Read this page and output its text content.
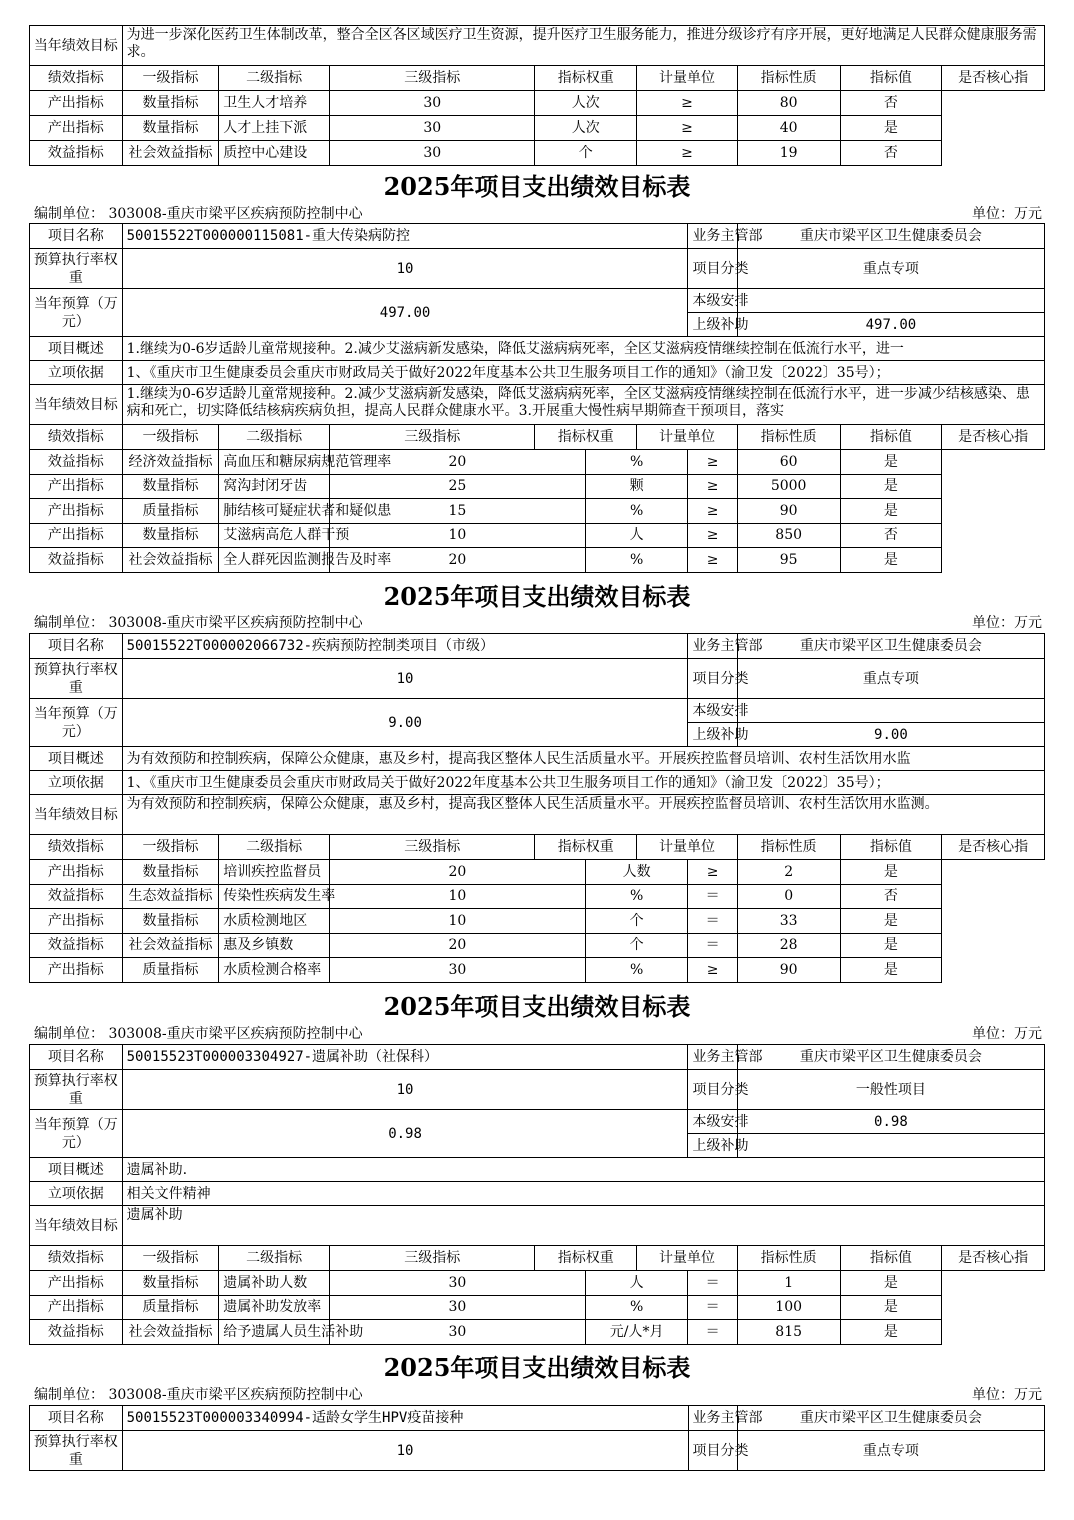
当年绩效目标	为进一步深化医药卫生体制改革，整合全区各区域医疗卫生资源，提升医疗卫生服务能力，推进分级诊疗有序开展，更好地满足人民群众健康服务需求。							
绩效指标	一级指标	二级指标	三级指标	指标权重	计量单位	指标性质	指标值	是否核心指
产出指标	数量指标	卫生人才培养	30	人次	≥	80	否	
产出指标	数量指标	人才上挂下派	30	人次	≥	40	是	
效益指标	社会效益指标	质控中心建设	30	个	≥	19	否	
2025年项目支出绩效目标表
编制单位： 303008-重庆市梁平区疾病预防控制中心	单位：万元
项目名称	50015522T000000115081-重大传染病防控						业务主管部	重庆市梁平区卫生健康委员会		
预算执行率权重	10						项目分类	重点专项		
当年预算（万元）	497.00						本级安排			
							上级补助	497.00		
项目概述	1.继续为0-6岁适龄儿童常规接种。2.减少艾滋病新发感染，降低艾滋病病死率，全区艾滋病疫情继续控制在低流行水平，进一									
立项依据	1、《重庆市卫生健康委员会重庆市财政局关于做好2022年度基本公共卫生服务项目工作的通知》（渝卫发〔2022〕35号）；									
当年绩效目标	1.继续为0-6岁适龄儿童常规接种。2.减少艾滋病新发感染，降低艾滋病病死率，全区艾滋病疫情继续控制在低流行水平，进一步减少结核感染、患病和死亡，切实降低结核病疾病负担，提高人民群众健康水平。3.开展重大慢性病早期筛查干预项目，落实									
绩效指标	一级指标	二级指标	三级指标	指标权重		计量单位		指标性质	指标值	是否核心指
效益指标	经济效益指标	高血压和糖尿病规范管理率	20		%		≥	60	是	
产出指标	数量指标	窝沟封闭牙齿	25		颗		≥	5000	是	
产出指标	质量指标	肺结核可疑症状者和疑似患	15		%		≥	90	是	
产出指标	数量指标	艾滋病高危人群干预	10		人		≥	850	否	
效益指标	社会效益指标	全人群死因监测报告及时率	20		%		≥	95	是	
2025年项目支出绩效目标表
编制单位： 303008-重庆市梁平区疾病预防控制中心	单位：万元
项目名称	50015522T000002066732-疾病预防控制类项目（市级）						业务主管部	重庆市梁平区卫生健康委员会		
预算执行率权重	10						项目分类	重点专项		
当年预算（万元）	9.00						本级安排			
							上级补助	9.00		
项目概述	为有效预防和控制疾病，保障公众健康，惠及乡村，提高我区整体人民生活质量水平。开展疾控监督员培训、农村生活饮用水监									
立项依据	1、《重庆市卫生健康委员会重庆市财政局关于做好2022年度基本公共卫生服务项目工作的通知》（渝卫发〔2022〕35号）；									
当年绩效目标	为有效预防和控制疾病，保障公众健康，惠及乡村，提高我区整体人民生活质量水平。开展疾控监督员培训、农村生活饮用水监测。									
绩效指标	一级指标	二级指标	三级指标	指标权重		计量单位		指标性质	指标值	是否核心指
产出指标	数量指标	培训疾控监督员	20		人数		≥	2	是	
效益指标	生态效益指标	传染性疾病发生率	10		%		＝	0	否	
产出指标	数量指标	水质检测地区	10		个		＝	33	是	
效益指标	社会效益指标	惠及乡镇数	20		个		＝	28	是	
产出指标	质量指标	水质检测合格率	30		%		≥	90	是	
2025年项目支出绩效目标表
编制单位： 303008-重庆市梁平区疾病预防控制中心	单位：万元
项目名称	50015523T000003304927-遗属补助（社保科）						业务主管部	重庆市梁平区卫生健康委员会		
预算执行率权重	10						项目分类	一般性项目		
当年预算（万元）	0.98						本级安排	0.98		
							上级补助			
项目概述	遗属补助.									
立项依据	相关文件精神									
当年绩效目标	遗属补助									
绩效指标	一级指标	二级指标	三级指标	指标权重		计量单位		指标性质	指标值	是否核心指
产出指标	数量指标	遗属补助人数	30		人		＝	1	是	
产出指标	质量指标	遗属补助发放率	30		%		＝	100	是	
效益指标	社会效益指标	给予遗属人员生活补助	30		元/人*月		＝	815	是	
2025年项目支出绩效目标表
编制单位： 303008-重庆市梁平区疾病预防控制中心	单位：万元
项目名称	50015523T000003340994-适龄女学生HPV疫苗接种	业务主管部	重庆市梁平区卫生健康委员会
预算执行率权重	10	项目分类	重点专项
